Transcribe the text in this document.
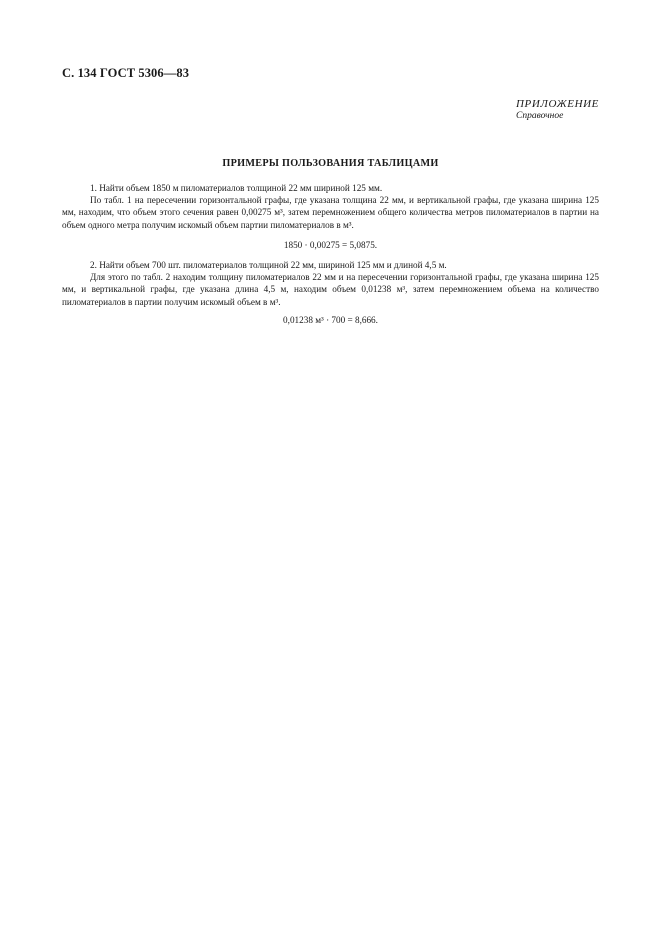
С. 134 ГОСТ 5306—83
ПРИЛОЖЕНИЕ
Справочное
ПРИМЕРЫ ПОЛЬЗОВАНИЯ ТАБЛИЦАМИ

1. Найти объем 1850 м пиломатериалов толщиной 22 мм шириной 125 мм.

По табл. 1 на пересечении горизонтальной графы, где указана толщина 22 мм, и вертикальной графы, где указана ширина 125 мм, находим, что объем этого сечения равен 0,00275 м³, затем перемножением общего количества метров пиломатериалов в партии на объем одного метра получим искомый объем партии пиломатериалов в м³.

1850 · 0,00275 = 5,0875.

2. Найти объем 700 шт. пиломатериалов толщиной 22 мм, шириной 125 мм и длиной 4,5 м.

Для этого по табл. 2 находим толщину пиломатериалов 22 мм и на пересечении горизонтальной графы, где указана ширина 125 мм, и вертикальной графы, где указана длина 4,5 м, находим объем 0,01238 м³, затем перемножением объема на количество пиломатериалов в партии получим искомый объем в м³.

0,01238 м³ · 700 = 8,666.
